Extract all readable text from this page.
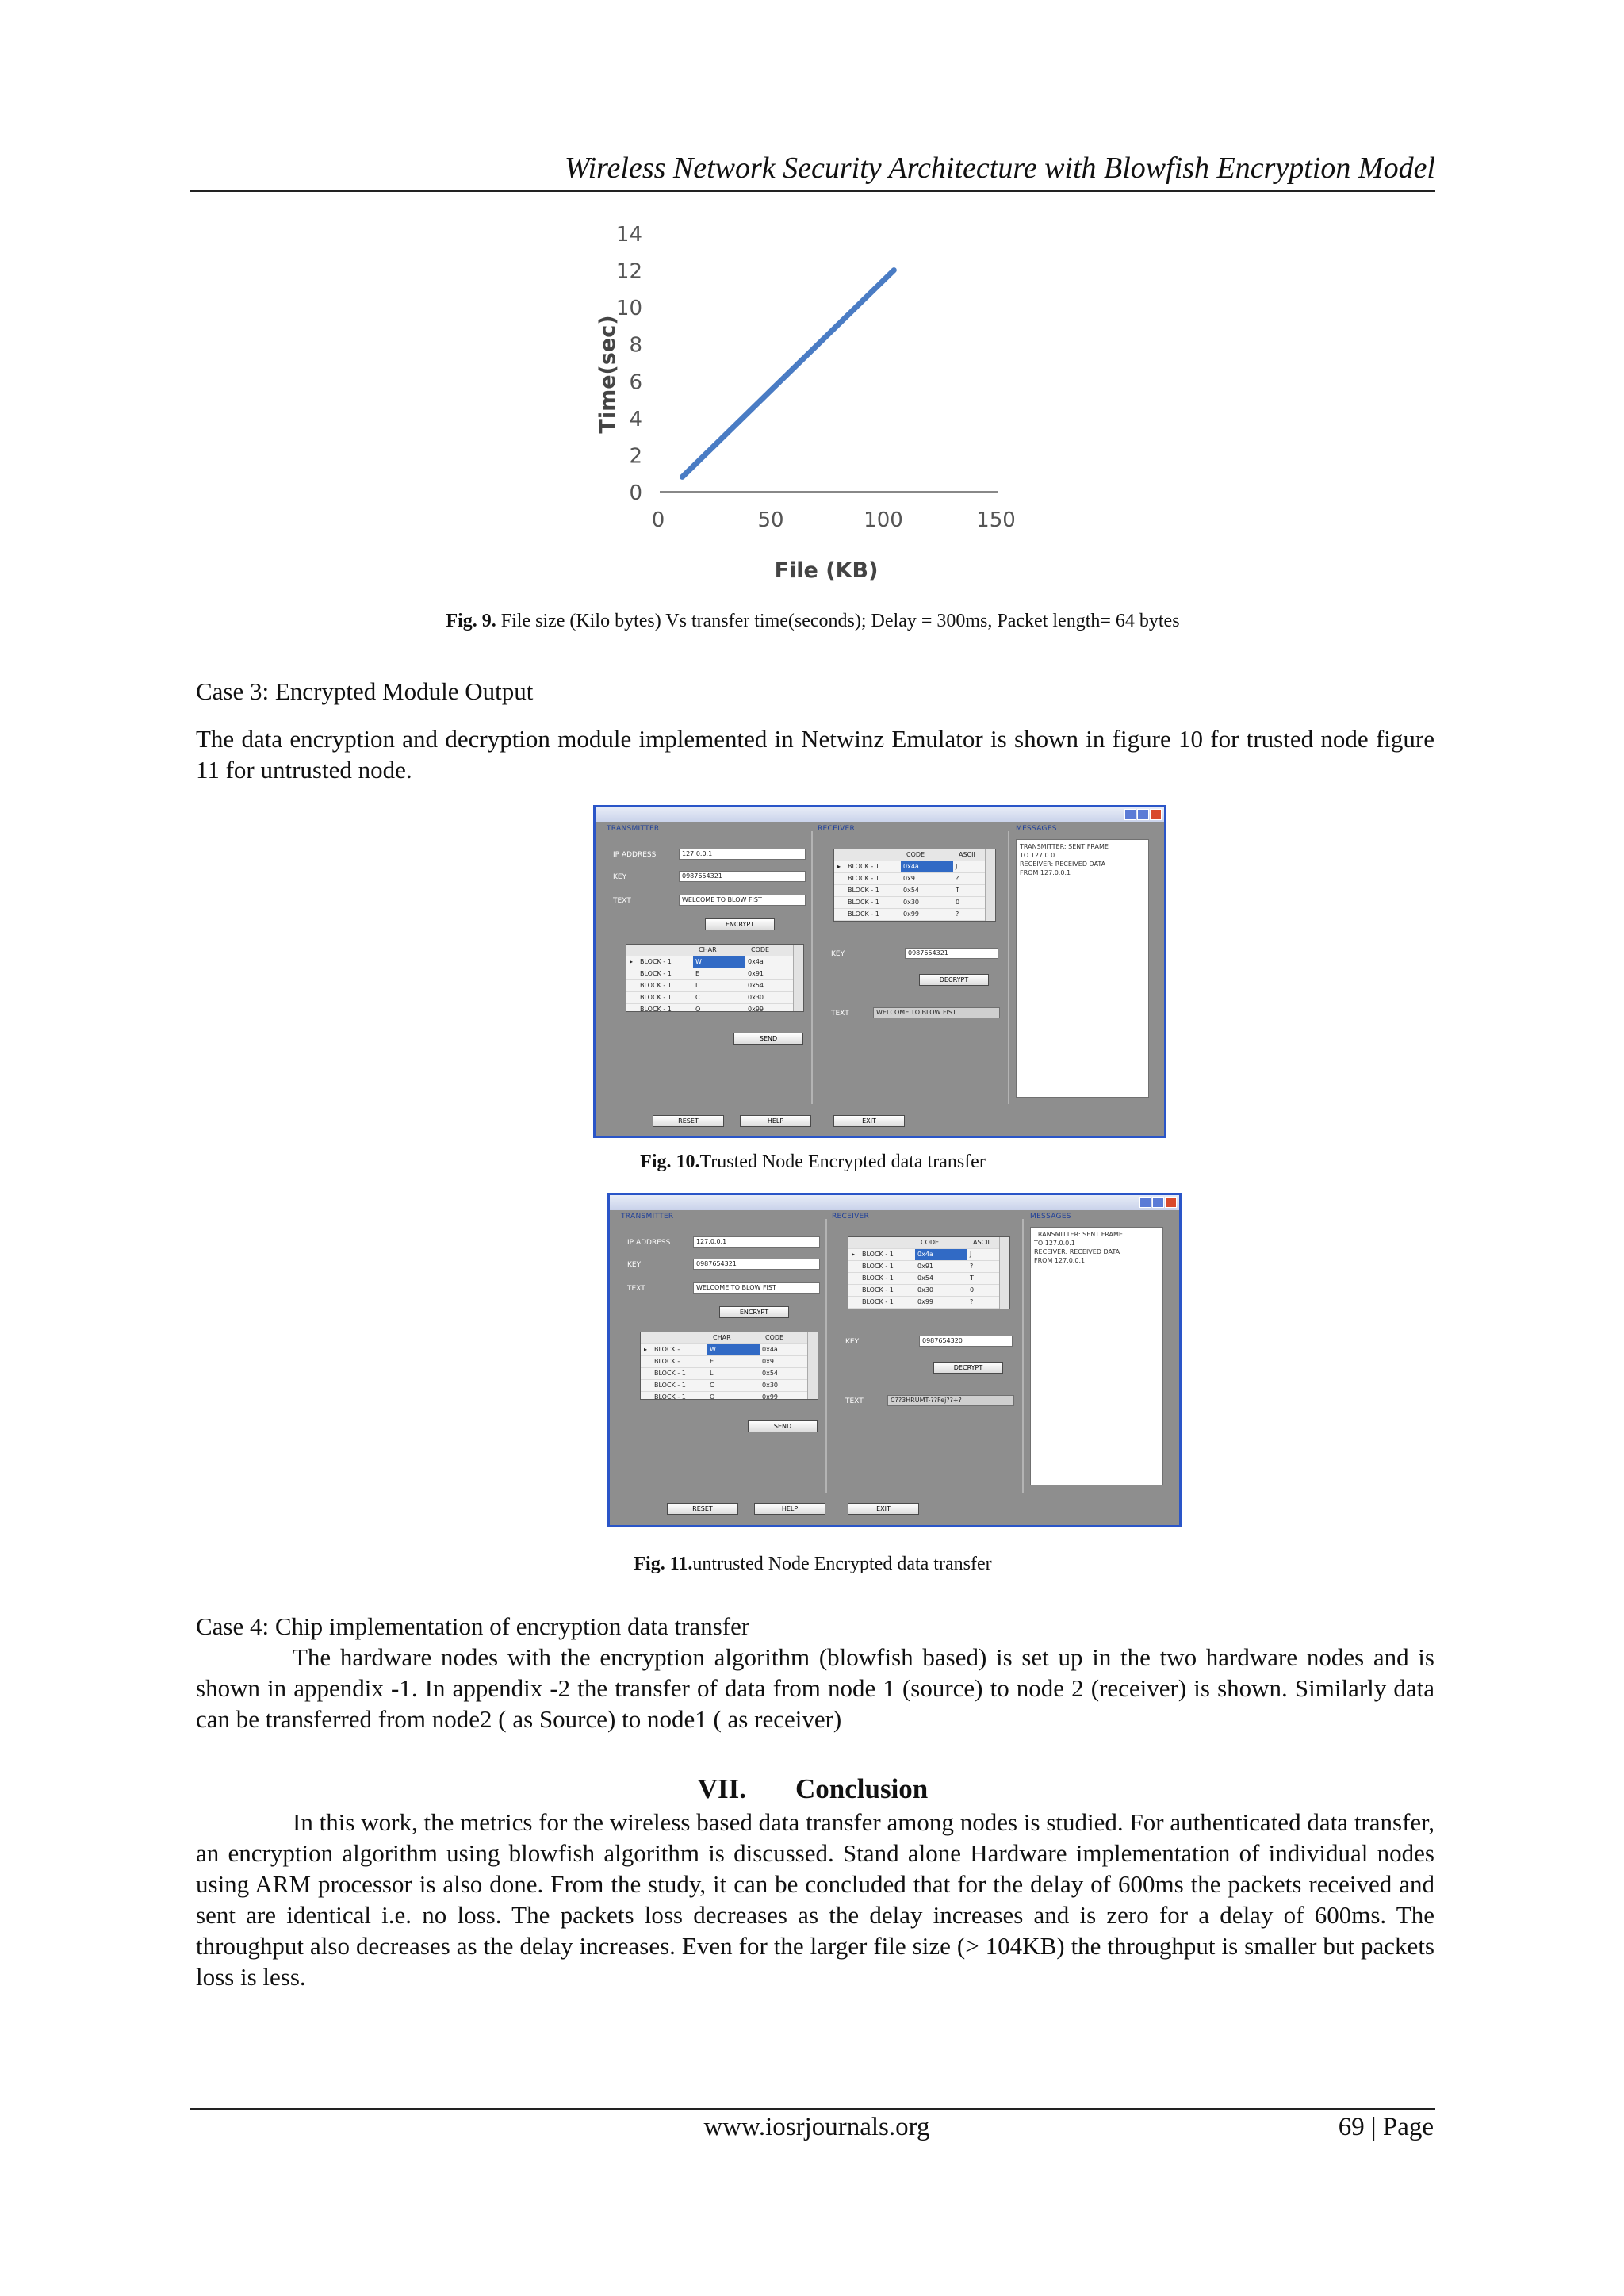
Wireless Network Security Architecture with Blowfish Encryption Model
0
2
4
6
8
10
12
14
0	50	100	150
File (KB)
Time(sec)
Fig. 9. File size (Kilo bytes) Vs transfer time(seconds); Delay = 300ms, Packet length= 64 bytes
Case 3: Encrypted Module Output
The data encryption and decryption module implemented in Netwinz Emulator is shown in figure 10 for trusted node figure 11 for untrusted node.
TRANSMITTER	RECEIVER	MESSAGES
IP ADDRESS	127.0.0.1
KEY	0987654321
TEXT	WELCOME TO BLOW FIST
ENCRYPT
CHAR	CODE
▸	BLOCK - 1	W	0x4a
BLOCK - 1	E	0x91
BLOCK - 1	L	0x54
BLOCK - 1	C	0x30
BLOCK - 1	O	0x99
SEND
CODE	ASCII
▸	BLOCK - 1	0x4a	J
BLOCK - 1	0x91	?
BLOCK - 1	0x54	T
BLOCK - 1	0x30	0
BLOCK - 1	0x99	?
KEY	0987654321
DECRYPT
TEXT	WELCOME TO BLOW FIST
TRANSMITTER: SENT FRAME
TO 127.0.0.1
RECEIVER: RECEIVED DATA
FROM 127.0.0.1
RESET	HELP	EXIT
Fig. 10.Trusted Node Encrypted data transfer
TRANSMITTER	RECEIVER	MESSAGES
IP ADDRESS	127.0.0.1
KEY	0987654321
TEXT	WELCOME TO BLOW FIST
ENCRYPT
CHAR	CODE
▸	BLOCK - 1	W	0x4a
BLOCK - 1	E	0x91
BLOCK - 1	L	0x54
BLOCK - 1	C	0x30
BLOCK - 1	O	0x99
SEND
CODE	ASCII
▸	BLOCK - 1	0x4a	J
BLOCK - 1	0x91	?
BLOCK - 1	0x54	T
BLOCK - 1	0x30	0
BLOCK - 1	0x99	?
KEY	0987654320
DECRYPT
TEXT	C??3HRUMT-??Fej??÷?
TRANSMITTER: SENT FRAME
TO 127.0.0.1
RECEIVER: RECEIVED DATA
FROM 127.0.0.1
RESET	HELP	EXIT
Fig. 11.untrusted Node Encrypted data transfer
Case 4: Chip implementation of encryption data transfer
The hardware nodes with the encryption algorithm (blowfish based) is set up in the two hardware nodes and is shown in appendix -1. In appendix -2 the transfer of data from node 1 (source) to node 2 (receiver) is shown. Similarly data can be transferred from node2 ( as Source) to node1 ( as receiver)
VII. Conclusion
In this work, the metrics for the wireless based data transfer among nodes is studied. For authenticated data transfer, an encryption algorithm using blowfish algorithm is discussed. Stand alone Hardware implementation of individual nodes using ARM processor is also done. From the study, it can be concluded that for the delay of 600ms the packets received and sent are identical i.e. no loss. The packets loss decreases as the delay increases and is zero for a delay of 600ms. The throughput also decreases as the delay increases. Even for the larger file size (> 104KB) the throughput is smaller but packets loss is less.
www.iosrjournals.org	69 | Page
